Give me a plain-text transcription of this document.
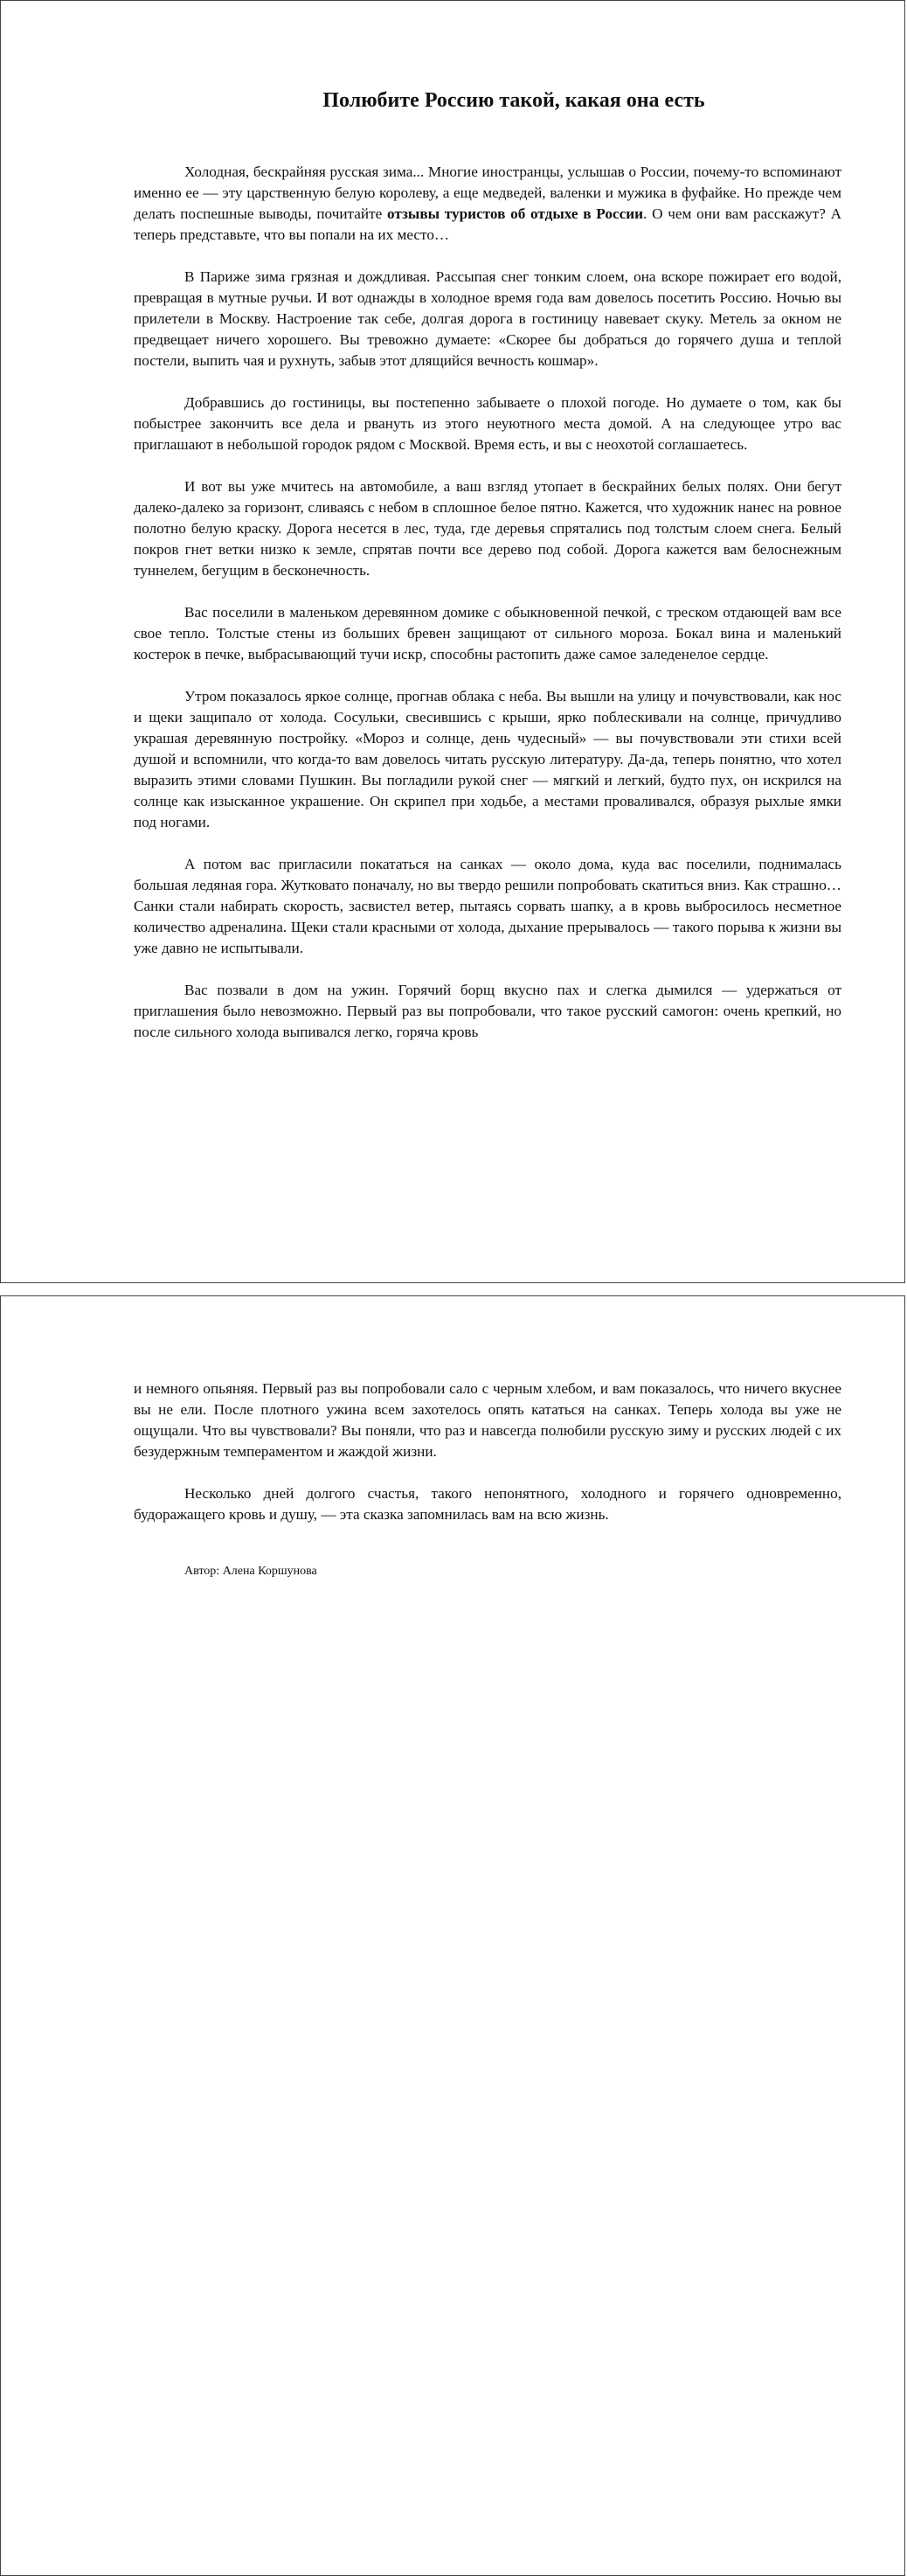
Полюбите Россию такой, какая она есть

Холодная, бескрайняя русская зима... Многие иностранцы, услышав о России, почему-то вспоминают именно ее — эту царственную белую королеву, а еще медведей, валенки и мужика в фуфайке. Но прежде чем делать поспешные выводы, почитайте отзывы туристов об отдыхе в России. О чем они вам расскажут? А теперь представьте, что вы попали на их место…

В Париже зима грязная и дождливая. Рассыпая снег тонким слоем, она вскоре пожирает его водой, превращая в мутные ручьи. И вот однажды в холодное время года вам довелось посетить Россию. Ночью вы прилетели в Москву. Настроение так себе, долгая дорога в гостиницу навевает скуку. Метель за окном не предвещает ничего хорошего. Вы тревожно думаете: «Скорее бы добраться до горячего душа и теплой постели, выпить чая и рухнуть, забыв этот длящийся вечность кошмар».

Добравшись до гостиницы, вы постепенно забываете о плохой погоде. Но думаете о том, как бы побыстрее закончить все дела и рвануть из этого неуютного места домой. А на следующее утро вас приглашают в небольшой городок рядом с Москвой. Время есть, и вы с неохотой соглашаетесь.

И вот вы уже мчитесь на автомобиле, а ваш взгляд утопает в бескрайних белых полях. Они бегут далеко-далеко за горизонт, сливаясь с небом в сплошное белое пятно. Кажется, что художник нанес на ровное полотно белую краску. Дорога несется в лес, туда, где деревья спрятались под толстым слоем снега. Белый покров гнет ветки низко к земле, спрятав почти все дерево под собой. Дорога кажется вам белоснежным туннелем, бегущим в бесконечность.

Вас поселили в маленьком деревянном домике с обыкновенной печкой, с треском отдающей вам все свое тепло. Толстые стены из больших бревен защищают от сильного мороза. Бокал вина и маленький костерок в печке, выбрасывающий тучи искр, способны растопить даже самое заледенелое сердце.

Утром показалось яркое солнце, прогнав облака с неба. Вы вышли на улицу и почувствовали, как нос и щеки защипало от холода. Сосульки, свесившись с крыши, ярко поблескивали на солнце, причудливо украшая деревянную постройку. «Мороз и солнце, день чудесный» — вы почувствовали эти стихи всей душой и вспомнили, что когда-то вам довелось читать русскую литературу. Да-да, теперь понятно, что хотел выразить этими словами Пушкин. Вы погладили рукой снег — мягкий и легкий, будто пух, он искрился на солнце как изысканное украшение. Он скрипел при ходьбе, а местами проваливался, образуя рыхлые ямки под ногами.

А потом вас пригласили покататься на санках — около дома, куда вас поселили, поднималась большая ледяная гора. Жутковато поначалу, но вы твердо решили попробовать скатиться вниз. Как страшно… Санки стали набирать скорость, засвистел ветер, пытаясь сорвать шапку, а в кровь выбросилось несметное количество адреналина. Щеки стали красными от холода, дыхание прерывалось — такого порыва к жизни вы уже давно не испытывали.

Вас позвали в дом на ужин. Горячий борщ вкусно пах и слегка дымился — удержаться от приглашения было невозможно. Первый раз вы попробовали, что такое русский самогон: очень крепкий, но после сильного холода выпивался легко, горяча кровь

и немного опьяняя. Первый раз вы попробовали сало с черным хлебом, и вам показалось, что ничего вкуснее вы не ели. После плотного ужина всем захотелось опять кататься на санках. Теперь холода вы уже не ощущали. Что вы чувствовали? Вы поняли, что раз и навсегда полюбили русскую зиму и русских людей с их безудержным темпераментом и жаждой жизни.

Несколько дней долгого счастья, такого непонятного, холодного и горячего одновременно, будоражащего кровь и душу, — эта сказка запомнилась вам на всю жизнь.

Автор: Алена Коршунова
